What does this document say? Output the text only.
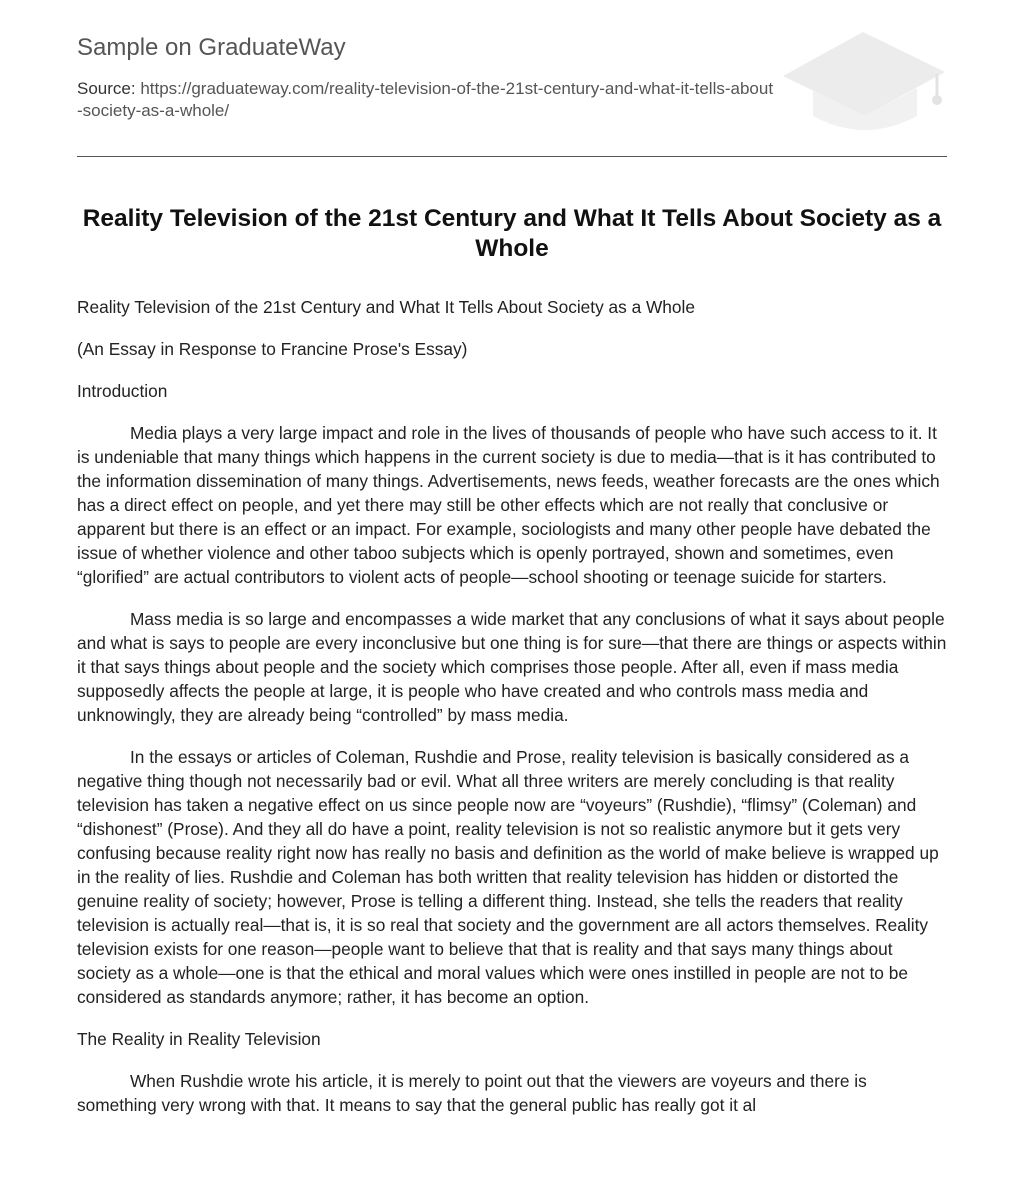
Sample on GraduateWay
Source: https://graduateway.com/reality-television-of-the-21st-century-and-what-it-tells-about-society-as-a-whole/
Reality Television of the 21st Century and What It Tells About Society as a Whole

Reality Television of the 21st Century and What It Tells About Society as a Whole

(An Essay in Response to Francine Prose's Essay)

Introduction

Media plays a very large impact and role in the lives of thousands of people who have such access to it. It is undeniable that many things which happens in the current society is due to media—that is it has contributed to the information dissemination of many things. Advertisements, news feeds, weather forecasts are the ones which has a direct effect on people, and yet there may still be other effects which are not really that conclusive or apparent but there is an effect or an impact. For example, sociologists and many other people have debated the issue of whether violence and other taboo subjects which is openly portrayed, shown and sometimes, even “glorified” are actual contributors to violent acts of people—school shooting or teenage suicide for starters.

Mass media is so large and encompasses a wide market that any conclusions of what it says about people and what is says to people are every inconclusive but one thing is for sure—that there are things or aspects within it that says things about people and the society which comprises those people. After all, even if mass media supposedly affects the people at large, it is people who have created and who controls mass media and unknowingly, they are already being “controlled” by mass media.

In the essays or articles of Coleman, Rushdie and Prose, reality television is basically considered as a negative thing though not necessarily bad or evil. What all three writers are merely concluding is that reality television has taken a negative effect on us since people now are “voyeurs” (Rushdie), “flimsy” (Coleman) and “dishonest” (Prose). And they all do have a point, reality television is not so realistic anymore but it gets very confusing because reality right now has really no basis and definition as the world of make believe is wrapped up in the reality of lies. Rushdie and Coleman has both written that reality television has hidden or distorted the genuine reality of society; however, Prose is telling a different thing. Instead, she tells the readers that reality television is actually real—that is, it is so real that society and the government are all actors themselves. Reality television exists for one reason—people want to believe that that is reality and that says many things about society as a whole—one is that the ethical and moral values which were ones instilled in people are not to be considered as standards anymore; rather, it has become an option.

The Reality in Reality Television

When Rushdie wrote his article, it is merely to point out that the viewers are voyeurs and there is something very wrong with that. It means to say that the general public has really got it al
